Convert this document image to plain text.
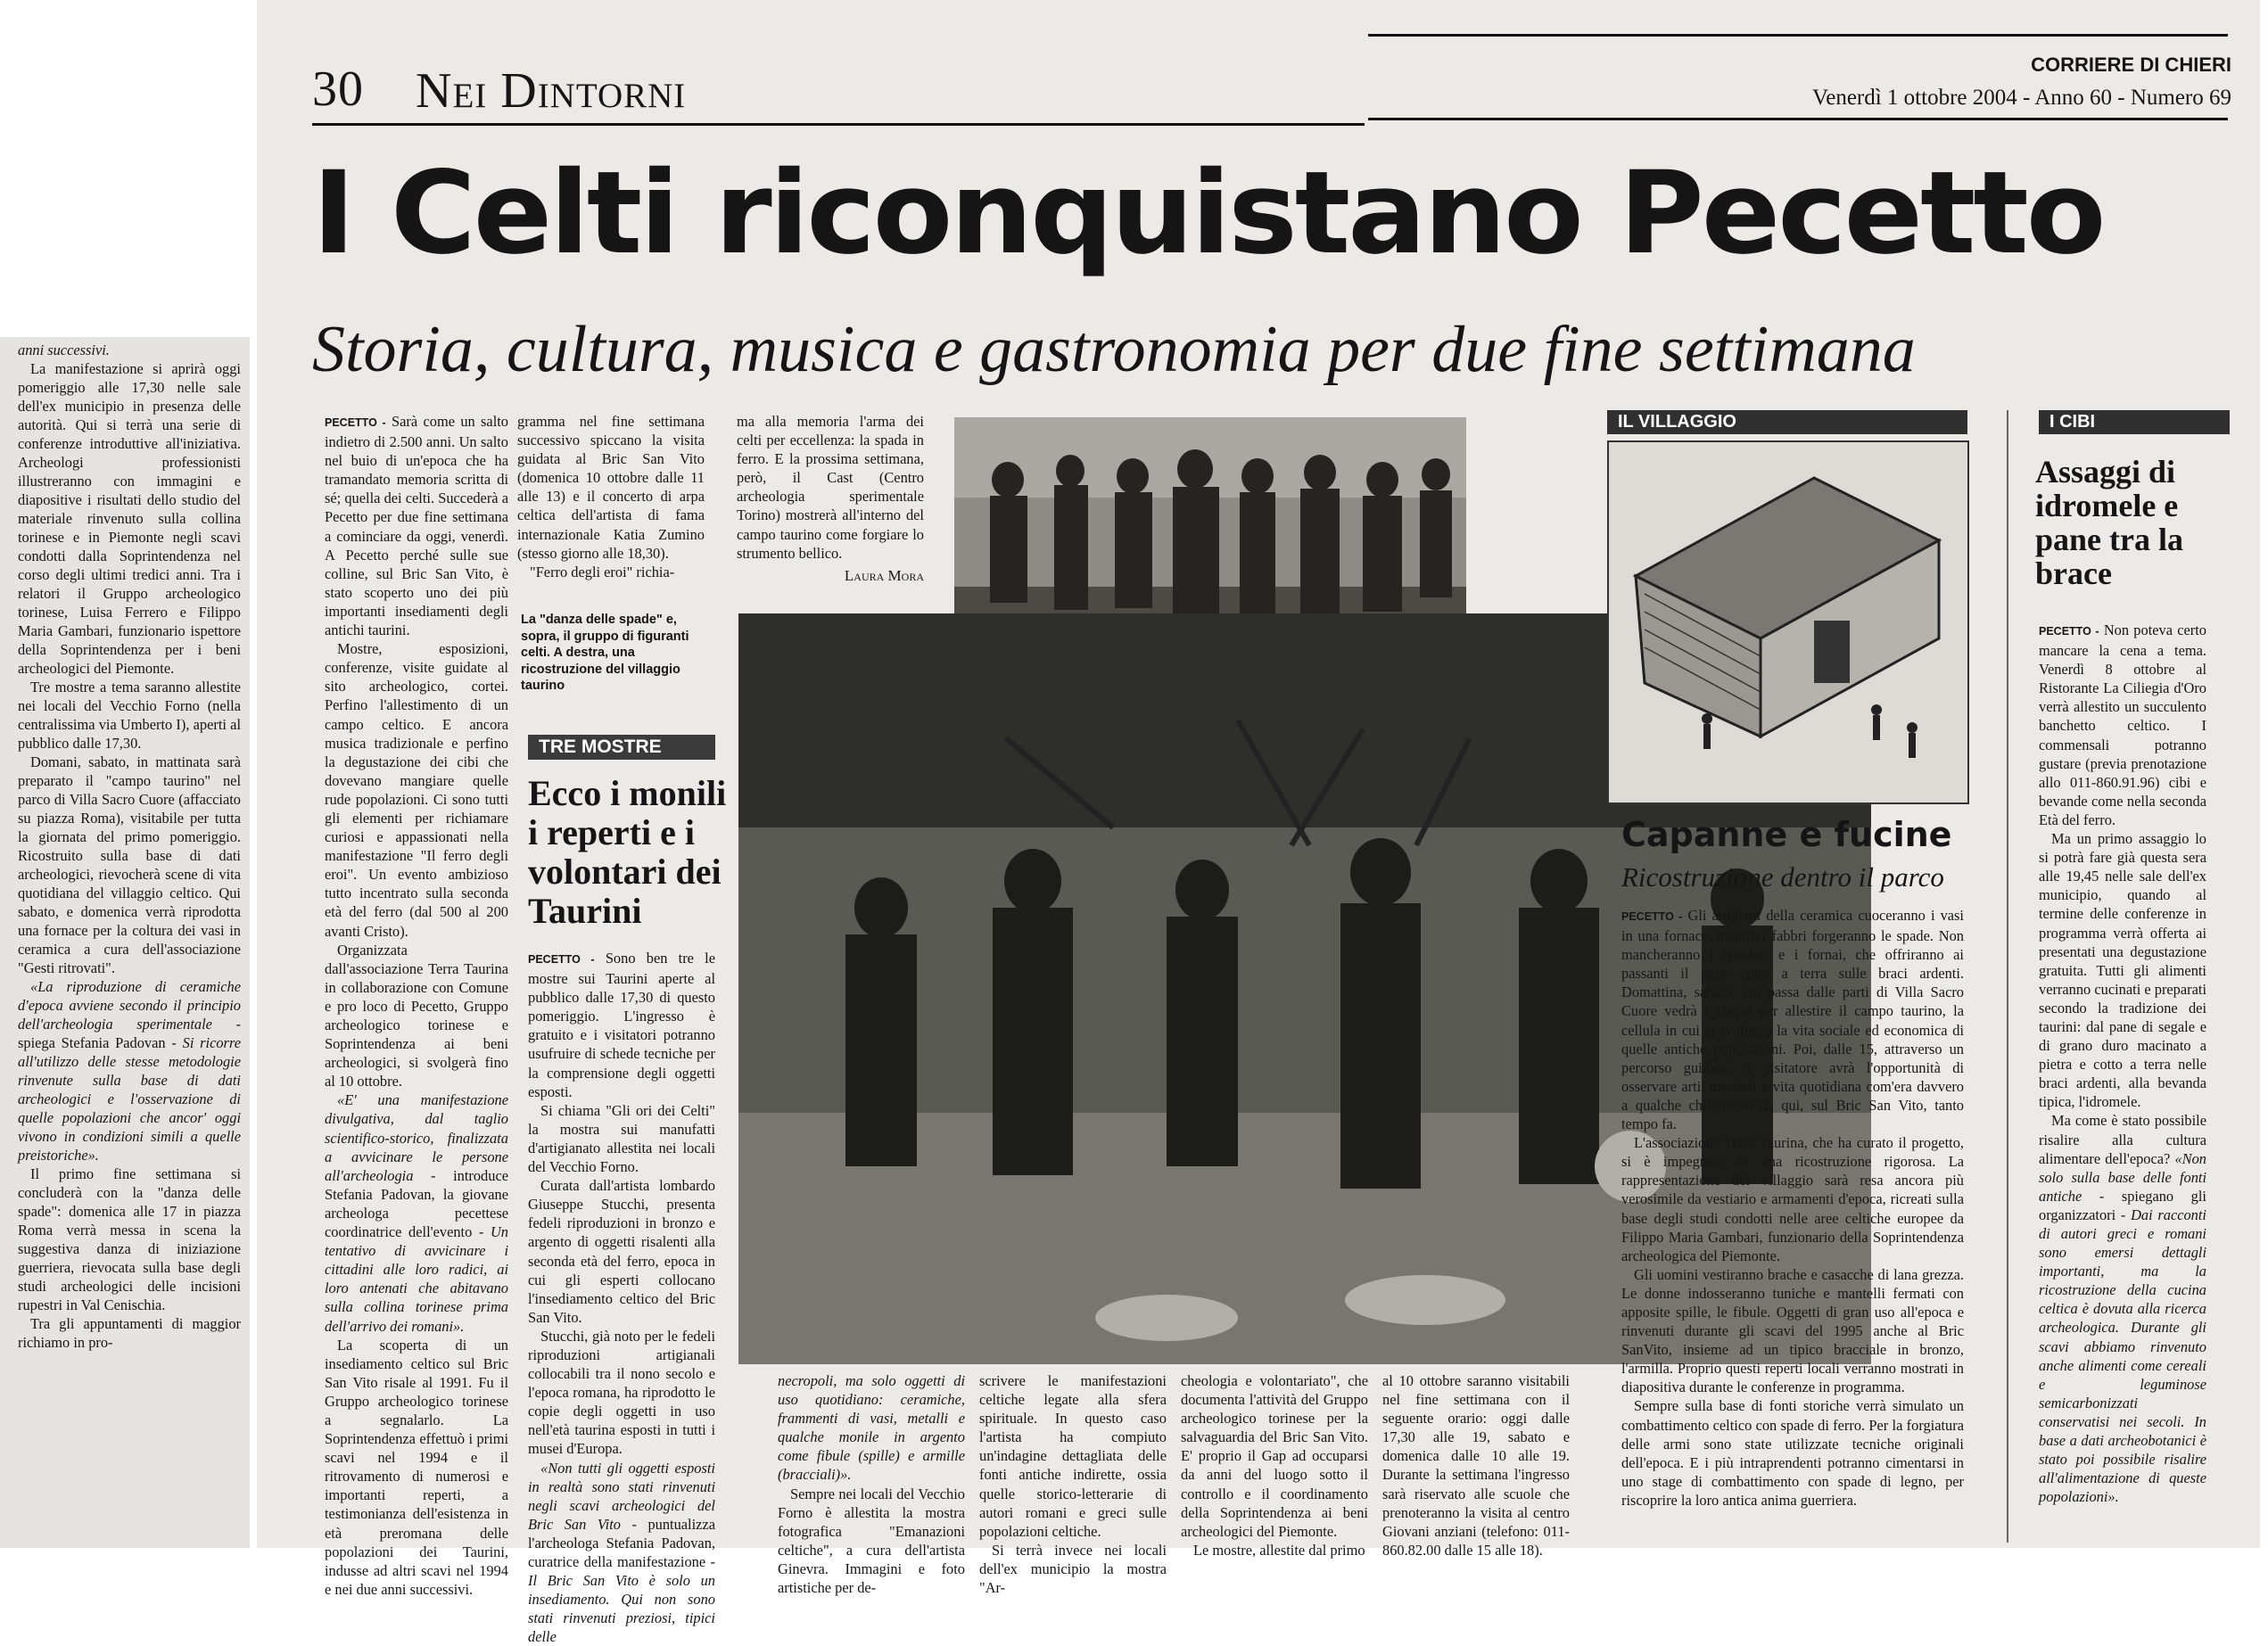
anni successivi.

La manifestazione si aprirà oggi pomeriggio alle 17,30 nelle sale dell'ex municipio in presenza delle autorità. Qui si terrà una serie di conferenze introduttive all'iniziativa. Archeologi professionisti illustreranno con immagini e diapositive i risultati dello studio del materiale rinvenuto sulla collina torinese e in Piemonte negli scavi condotti dalla Soprintendenza nel corso degli ultimi tredici anni. Tra i relatori il Gruppo archeologico torinese, Luisa Ferrero e Filippo Maria Gambari, funzionario ispettore della Soprintendenza per i beni archeologici del Piemonte.

Tre mostre a tema saranno allestite nei locali del Vecchio Forno (nella centralissima via Umberto I), aperti al pubblico dalle 17,30.

Domani, sabato, in mattinata sarà preparato il "campo taurino" nel parco di Villa Sacro Cuore (affacciato su piazza Roma), visitabile per tutta la giornata del primo pomeriggio. Ricostruito sulla base di dati archeologici, rievocherà scene di vita quotidiana del villaggio celtico. Qui sabato, e domenica verrà riprodotta una fornace per la coltura dei vasi in ceramica a cura dell'associazione "Gesti ritrovati".

«La riproduzione di ceramiche d'epoca avviene secondo il principio dell'archeologia sperimentale - spiega Stefania Padovan - Si ricorre all'utilizzo delle stesse metodologie rinvenute sulla base di dati archeologici e l'osservazione di quelle popolazioni che ancor' oggi vivono in condizioni simili a quelle preistoriche».

Il primo fine settimana si concluderà con la "danza delle spade": domenica alle 17 in piazza Roma verrà messa in scena la suggestiva danza di iniziazione guerriera, rievocata sulla base degli studi archeologici delle incisioni rupestri in Val Cenischia.

Tra gli appuntamenti di maggior richiamo in pro-

30 Nei Dintorni	CORRIERE DI CHIERI
Venerdì 1 ottobre 2004 - Anno 60 - Numero 69
I Celti riconquistano Pecetto
Storia, cultura, musica e gastronomia per due fine settimana

PECETTO - Sarà come un salto indietro di 2.500 anni. Un salto nel buio di un'epoca che ha tramandato memoria scritta di sé; quella dei celti. Succederà a Pecetto per due fine settimana a cominciare da oggi, venerdì. A Pecetto perché sulle sue colline, sul Bric San Vito, è stato scoperto uno dei più importanti insediamenti degli antichi taurini.

Mostre, esposizioni, conferenze, visite guidate al sito archeologico, cortei. Perfino l'allestimento di un campo celtico. E ancora musica tradizionale e perfino la degustazione dei cibi che dovevano mangiare quelle rude popolazioni. Ci sono tutti gli elementi per richiamare curiosi e appassionati nella manifestazione "Il ferro degli eroi". Un evento ambizioso tutto incentrato sulla seconda età del ferro (dal 500 al 200 avanti Cristo).

Organizzata dall'associazione Terra Taurina in collaborazione con Comune e pro loco di Pecetto, Gruppo archeologico torinese e Soprintendenza ai beni archeologici, si svolgerà fino al 10 ottobre.

«E' una manifestazione divulgativa, dal taglio scientifico-storico, finalizzata a avvicinare le persone all'archeologia - introduce Stefania Padovan, la giovane archeologa pecettese coordinatrice dell'evento - Un tentativo di avvicinare i cittadini alle loro radici, ai loro antenati che abitavano sulla collina torinese prima dell'arrivo dei romani».

La scoperta di un insediamento celtico sul Bric San Vito risale al 1991. Fu il Gruppo archeologico torinese a segnalarlo. La Soprintendenza effettuò i primi scavi nel 1994 e il ritrovamento di numerosi e importanti reperti, a testimonianza dell'esistenza in età preromana delle popolazioni dei Taurini, indusse ad altri scavi nel 1994 e nei due anni successivi.

gramma nel fine settimana successivo spiccano la visita guidata al Bric San Vito (domenica 10 ottobre dalle 11 alle 13) e il concerto di arpa celtica dell'artista di fama internazionale Katia Zumino (stesso giorno alle 18,30).

"Ferro degli eroi" richia-

ma alla memoria l'arma dei celti per eccellenza: la spada in ferro. E la prossima settimana, però, il Cast (Centro archeologia sperimentale Torino) mostrerà all'interno del campo taurino come forgiare lo strumento bellico.

Laura Mora
La "danza delle spade" e, sopra, il gruppo di figuranti celti. A destra, una ricostruzione del villaggio taurino
TRE MOSTRE
Ecco i monili i reperti e i volontari dei Taurini

PECETTO - Sono ben tre le mostre sui Taurini aperte al pubblico dalle 17,30 di questo pomeriggio. L'ingresso è gratuito e i visitatori potranno usufruire di schede tecniche per la comprensione degli oggetti esposti.

Si chiama "Gli ori dei Celti" la mostra sui manufatti d'artigianato allestita nei locali del Vecchio Forno.

Curata dall'artista lombardo Giuseppe Stucchi, presenta fedeli riproduzioni in bronzo e argento di oggetti risalenti alla seconda età del ferro, epoca in cui gli esperti collocano l'insediamento celtico del Bric San Vito.

Stucchi, già noto per le fedeli riproduzioni artigianali collocabili tra il nono secolo e l'epoca romana, ha riprodotto le copie degli oggetti in uso nell'età taurina esposti in tutti i musei d'Europa.

«Non tutti gli oggetti esposti in realtà sono stati rinvenuti negli scavi archeologici del Bric San Vito - puntualizza l'archeologa Stefania Padovan, curatrice della manifestazione - Il Bric San Vito è solo un insediamento. Qui non sono stati rinvenuti preziosi, tipici delle

necropoli, ma solo oggetti di uso quotidiano: ceramiche, frammenti di vasi, metalli e qualche monile in argento come fibule (spille) e armille (bracciali)».

Sempre nei locali del Vecchio Forno è allestita la mostra fotografica "Emanazioni celtiche", a cura dell'artista Ginevra. Immagini e foto artistiche per de-

scrivere le manifestazioni celtiche legate alla sfera spirituale. In questo caso l'artista ha compiuto un'indagine dettagliata delle fonti antiche indirette, ossia quelle storico-letterarie di autori romani e greci sulle popolazioni celtiche.

Si terrà invece nei locali dell'ex municipio la mostra "Ar-

cheologia e volontariato", che documenta l'attività del Gruppo archeologico torinese per la salvaguardia del Bric San Vito. E' proprio il Gap ad occuparsi da anni del luogo sotto il controllo e il coordinamento della Soprintendenza ai beni archeologici del Piemonte.

Le mostre, allestite dal primo

al 10 ottobre saranno visitabili nel fine settimana con il seguente orario: oggi dalle 17,30 alle 19, sabato e domenica dalle 10 alle 19. Durante la settimana l'ingresso sarà riservato alle scuole che prenoteranno la visita al centro Giovani anziani (telefono: 011-860.82.00 dalle 15 alle 18).

IL VILLAGGIO
Capanne e fucine
Ricostruzione dentro il parco

PECETTO - Gli artigiani della ceramica cuoceranno i vasi in una fornace, mentre i fabbri forgeranno le spade. Non mancheranno i tessitori e i fornai, che offriranno ai passanti il pane cotto a terra sulle braci ardenti. Domattina, sabato, chi passa dalle parti di Villa Sacro Cuore vedrà i viavai per allestire il campo taurino, la cellula in cui si svolgeva la vita sociale ed economica di quelle antiche popolazioni. Poi, dalle 15, attraverso un percorso guidato, il visitatore avrà l'opportunità di osservare arti, mestieri e vita quotidiana com'era davvero a qualche chilometro da qui, sul Bric San Vito, tanto tempo fa.

L'associazione Terra Taurina, che ha curato il progetto, si è impegnata in una ricostruzione rigorosa. La rappresentazione del villaggio sarà resa ancora più verosimile da vestiario e armamenti d'epoca, ricreati sulla base degli studi condotti nelle aree celtiche europee da Filippo Maria Gambari, funzionario della Soprintendenza archeologica del Piemonte.

Gli uomini vestiranno brache e casacche di lana grezza. Le donne indosseranno tuniche e mantelli fermati con apposite spille, le fibule. Oggetti di gran uso all'epoca e rinvenuti durante gli scavi del 1995 anche al Bric SanVito, insieme ad un tipico bracciale in bronzo, l'armilla. Proprio questi reperti locali verranno mostrati in diapositiva durante le conferenze in programma.

Sempre sulla base di fonti storiche verrà simulato un combattimento celtico con spade di ferro. Per la forgiatura delle armi sono state utilizzate tecniche originali dell'epoca. E i più intraprendenti potranno cimentarsi in uno stage di combattimento con spade di legno, per riscoprire la loro antica anima guerriera.

I CIBI
Assaggi di idromele e pane tra la brace

PECETTO - Non poteva certo mancare la cena a tema. Venerdì 8 ottobre al Ristorante La Ciliegia d'Oro verrà allestito un succulento banchetto celtico. I commensali potranno gustare (previa prenotazione allo 011-860.91.96) cibi e bevande come nella seconda Età del ferro.

Ma un primo assaggio lo si potrà fare già questa sera alle 19,45 nelle sale dell'ex municipio, quando al termine delle conferenze in programma verrà offerta ai presentati una degustazione gratuita. Tutti gli alimenti verranno cucinati e preparati secondo la tradizione dei taurini: dal pane di segale e di grano duro macinato a pietra e cotto a terra nelle braci ardenti, alla bevanda tipica, l'idromele.

Ma come è stato possibile risalire alla cultura alimentare dell'epoca? «Non solo sulla base delle fonti antiche - spiegano gli organizzatori - Dai racconti di autori greci e romani sono emersi dettagli importanti, ma la ricostruzione della cucina celtica è dovuta alla ricerca archeologica. Durante gli scavi abbiamo rinvenuto anche alimenti come cereali e leguminose semicarbonizzati conservatisi nei secoli. In base a dati archeobotanici è stato poi possibile risalire all'alimentazione di queste popolazioni».
